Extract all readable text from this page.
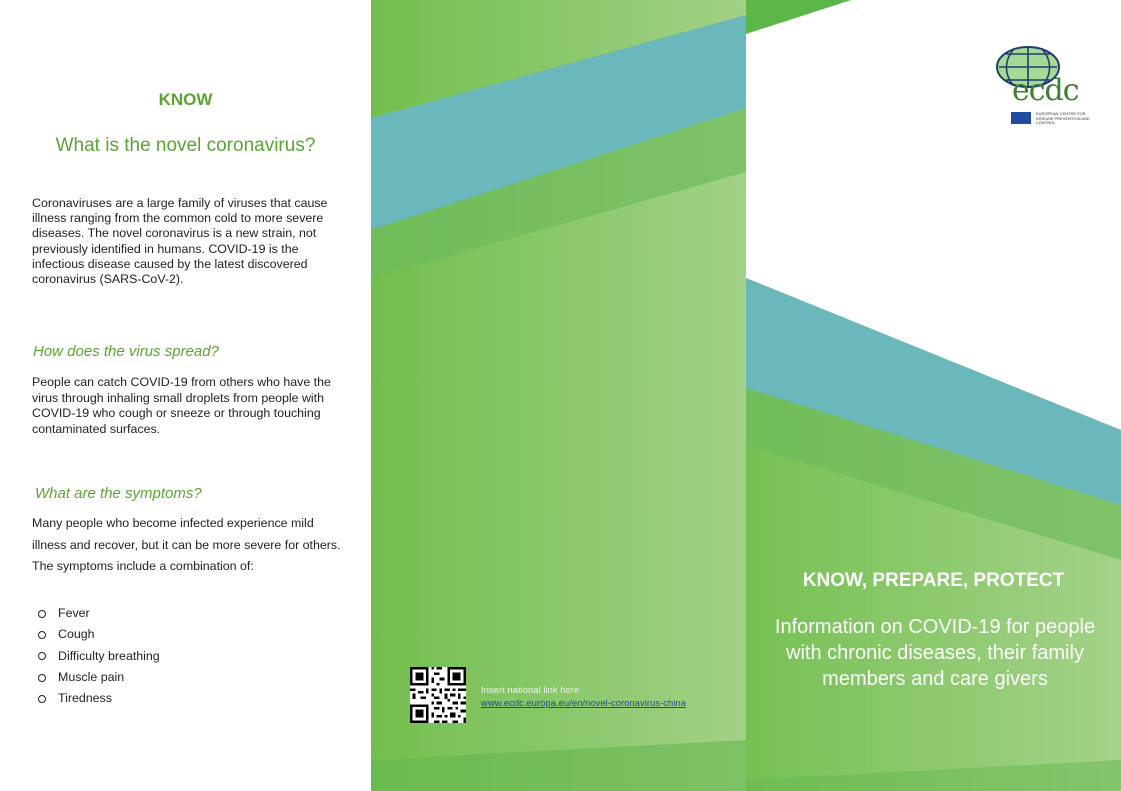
KNOW
What is the novel coronavirus?
Coronaviruses are a large family of viruses that cause illness ranging from the common cold to more severe diseases. The novel coronavirus is a new strain, not previously identified in humans. COVID-19 is the infectious disease caused by the latest discovered coronavirus (SARS-CoV-2).
How does the virus spread?
People can catch COVID-19 from others who have the virus through inhaling small droplets from people with COVID-19 who cough or sneeze or through touching contaminated surfaces.
What are the symptoms?
Many people who become infected experience mild illness and recover, but it can be more severe for others.
The symptoms include a combination of:
Fever
Cough
Difficulty breathing
Muscle pain
Tiredness
Insert national link here
www.ecdc.europa.eu/en/novel-coronavirus-china
ecdc
EUROPEAN CENTRE FOR DISEASE PREVENTION AND CONTROL
KNOW, PREPARE, PROTECT
Information on COVID-19 for people with chronic diseases, their family members and care givers
